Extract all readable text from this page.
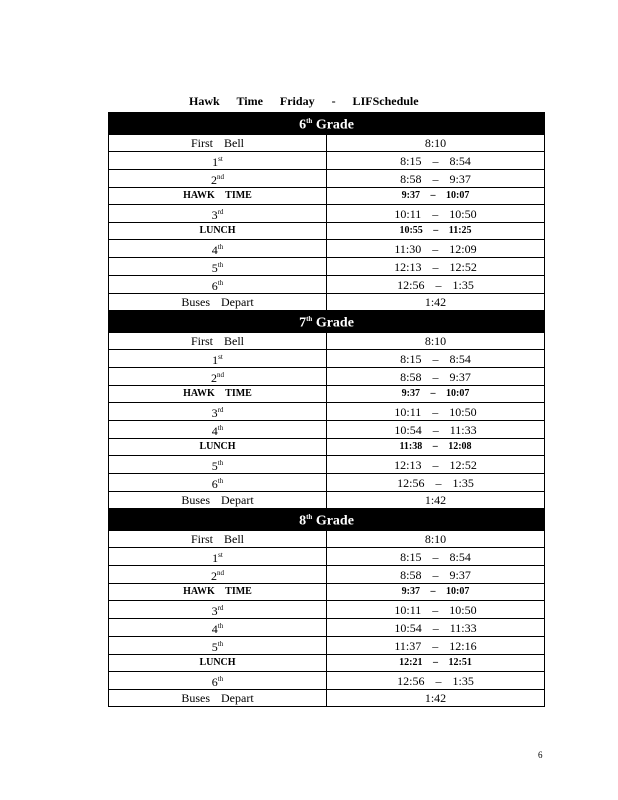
Hawk Time Friday - LIFSchedule
6th Grade	
First Bell	8:10
1st	8:15 – 8:54
2nd	8:58 – 9:37
HAWK TIME	9:37 – 10:07
3rd	10:11 – 10:50
LUNCH	10:55 – 11:25
4th	11:30 – 12:09
5th	12:13 – 12:52
6th	12:56 – 1:35
Buses Depart	1:42
7th Grade	
First Bell	8:10
1st	8:15 – 8:54
2nd	8:58 – 9:37
HAWK TIME	9:37 – 10:07
3rd	10:11 – 10:50
4th	10:54 – 11:33
LUNCH	11:38 – 12:08
5th	12:13 – 12:52
6th	12:56 – 1:35
Buses Depart	1:42
8th Grade	
First Bell	8:10
1st	8:15 – 8:54
2nd	8:58 – 9:37
HAWK TIME	9:37 – 10:07
3rd	10:11 – 10:50
4th	10:54 – 11:33
5th	11:37 – 12:16
LUNCH	12:21 – 12:51
6th	12:56 – 1:35
Buses Depart	1:42
6
